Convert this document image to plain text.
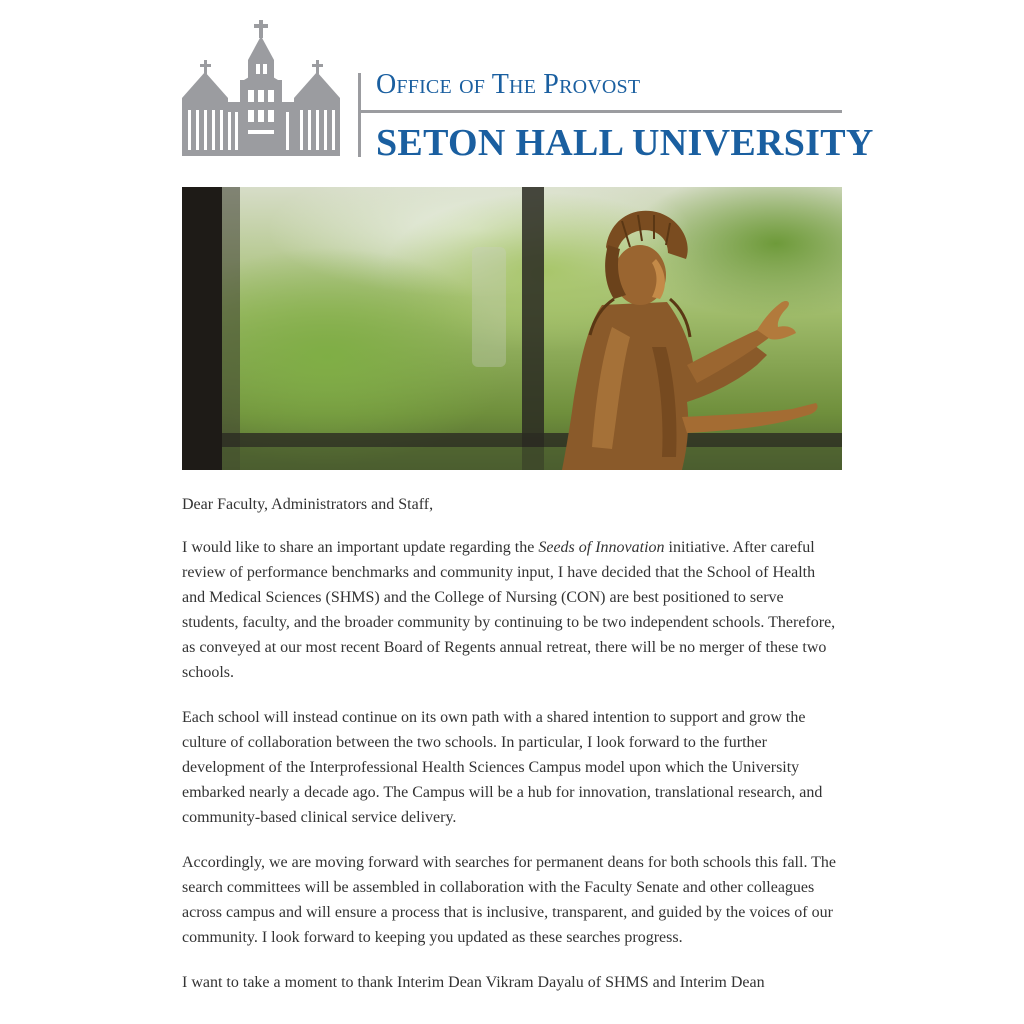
Office of The Provost
SETON HALL UNIVERSITY

Dear Faculty, Administrators and Staff,

I would like to share an important update regarding the Seeds of Innovation initiative. After careful review of performance benchmarks and community input, I have decided that the School of Health and Medical Sciences (SHMS) and the College of Nursing (CON) are best positioned to serve students, faculty, and the broader community by continuing to be two independent schools. Therefore, as conveyed at our most recent Board of Regents annual retreat, there will be no merger of these two schools.

Each school will instead continue on its own path with a shared intention to support and grow the culture of collaboration between the two schools. In particular, I look forward to the further development of the Interprofessional Health Sciences Campus model upon which the University embarked nearly a decade ago. The Campus will be a hub for innovation, translational research, and community-based clinical service delivery.

Accordingly, we are moving forward with searches for permanent deans for both schools this fall. The search committees will be assembled in collaboration with the Faculty Senate and other colleagues across campus and will ensure a process that is inclusive, transparent, and guided by the voices of our community. I look forward to keeping you updated as these searches progress.

I want to take a moment to thank Interim Dean Vikram Dayalu of SHMS and Interim Dean
